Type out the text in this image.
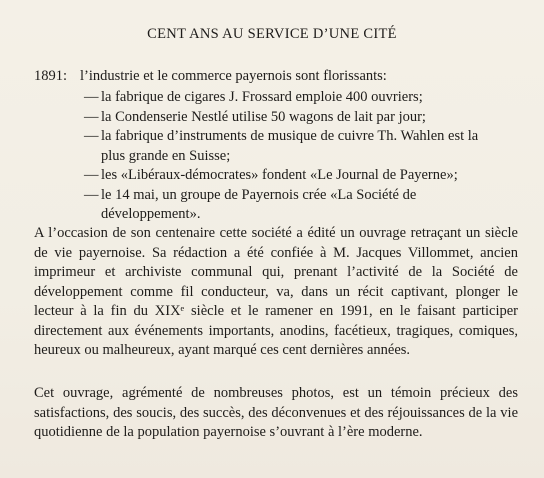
CENT ANS AU SERVICE D’UNE CITÉ
1891: l’industrie et le commerce payernois sont florissants:
— la fabrique de cigares J. Frossard emploie 400 ouvriers;
— la Condenserie Nestlé utilise 50 wagons de lait par jour;
— la fabrique d’instruments de musique de cuivre Th. Wahlen est la plus grande en Suisse;
— les «Libéraux-démocrates» fondent «Le Journal de Payerne»;
— le 14 mai, un groupe de Payernois crée «La Société de développement».

A l’occasion de son centenaire cette société a édité un ouvrage retraçant un siècle de vie payernoise. Sa rédaction a été confiée à M. Jacques Villommet, ancien imprimeur et archiviste communal qui, prenant l’activité de la Société de développement comme fil conducteur, va, dans un récit captivant, plonger le lecteur à la fin du XIXᵉ siècle et le ramener en 1991, en le faisant participer directement aux événements importants, anodins, facétieux, tragiques, comiques, heureux ou malheureux, ayant marqué ces cent dernières années.

Cet ouvrage, agrémenté de nombreuses photos, est un témoin précieux des satisfactions, des soucis, des succès, des déconvenues et des réjouissances de la vie quotidienne de la population payernoise s’ouvrant à l’ère moderne.
